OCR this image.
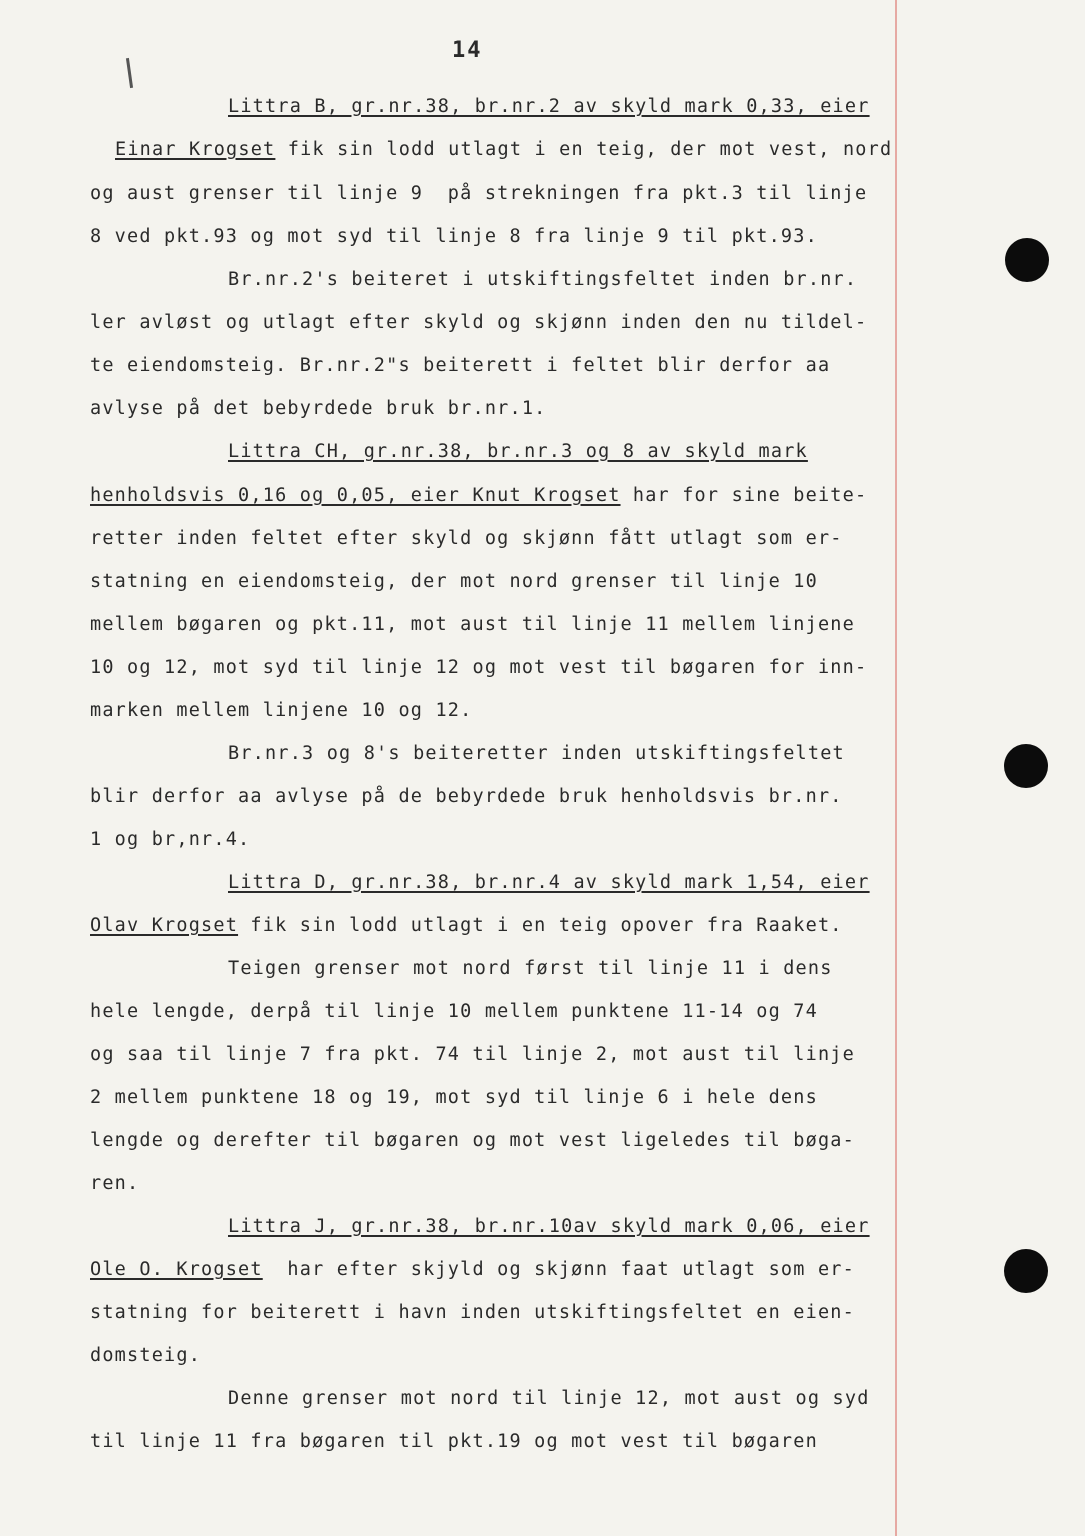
14
Littra B, gr.nr.38, br.nr.2 av skyld mark 0,33, eier
Einar Krogset fik sin lodd utlagt i en teig, der mot vest, nord
og aust grenser til linje 9  på strekningen fra pkt.3 til linje
8 ved pkt.93 og mot syd til linje 8 fra linje 9 til pkt.93.
Br.nr.2's beiteret i utskiftingsfeltet inden br.nr.
ler avløst og utlagt efter skyld og skjønn inden den nu tildel-
te eiendomsteig. Br.nr.2"s beiterett i feltet blir derfor aa
avlyse på det bebyrdede bruk br.nr.1.
Littra CH, gr.nr.38, br.nr.3 og 8 av skyld mark
henholdsvis 0,16 og 0,05, eier Knut Krogset har for sine beite-
retter inden feltet efter skyld og skjønn fått utlagt som er-
statning en eiendomsteig, der mot nord grenser til linje 10
mellem bøgaren og pkt.11, mot aust til linje 11 mellem linjene
10 og 12, mot syd til linje 12 og mot vest til bøgaren for inn-
marken mellem linjene 10 og 12.
Br.nr.3 og 8's beiteretter inden utskiftingsfeltet
blir derfor aa avlyse på de bebyrdede bruk henholdsvis br.nr.
1 og br,nr.4.
Littra D, gr.nr.38, br.nr.4 av skyld mark 1,54, eier
Olav Krogset fik sin lodd utlagt i en teig opover fra Raaket.
Teigen grenser mot nord først til linje 11 i dens
hele lengde, derpå til linje 10 mellem punktene 11-14 og 74
og saa til linje 7 fra pkt. 74 til linje 2, mot aust til linje
2 mellem punktene 18 og 19, mot syd til linje 6 i hele dens
lengde og derefter til bøgaren og mot vest ligeledes til bøga-
ren.
Littra J, gr.nr.38, br.nr.10av skyld mark 0,06, eier
Ole O. Krogset  har efter skjyld og skjønn faat utlagt som er-
statning for beiterett i havn inden utskiftingsfeltet en eien-
domsteig.
Denne grenser mot nord til linje 12, mot aust og syd
til linje 11 fra bøgaren til pkt.19 og mot vest til bøgaren
